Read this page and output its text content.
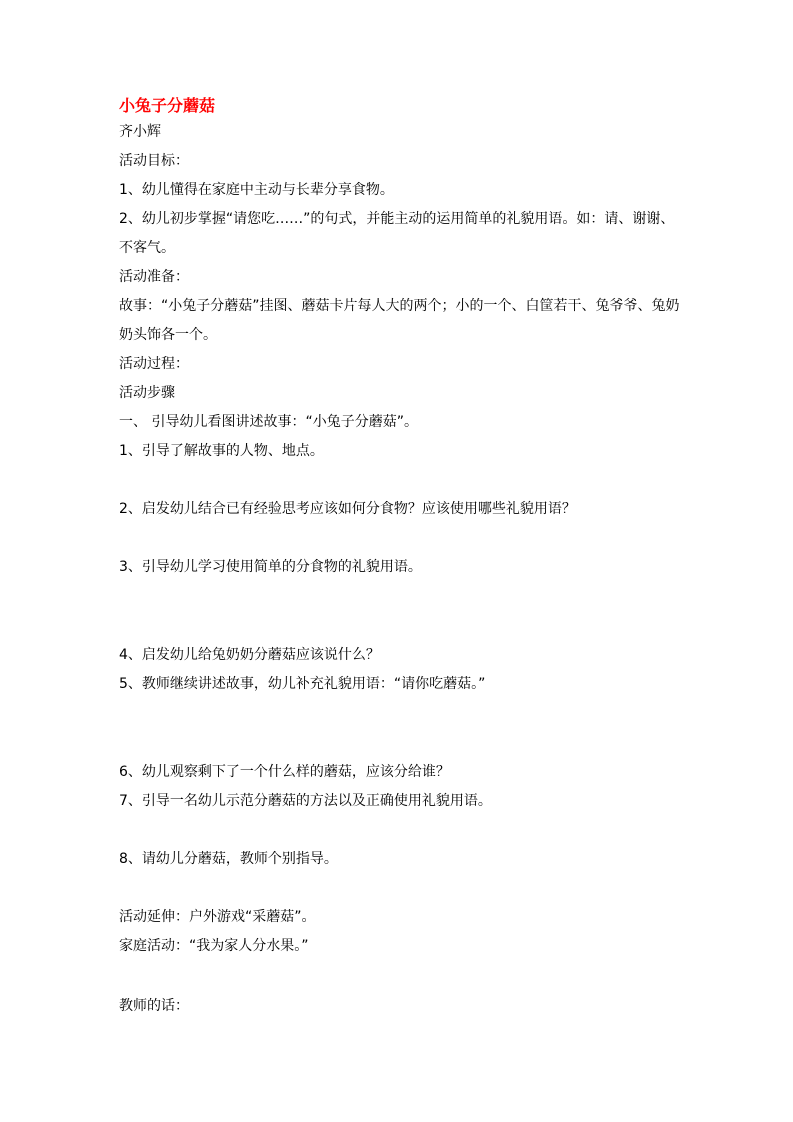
小兔子分蘑菇
齐小辉
活动目标：
1、幼儿懂得在家庭中主动与长辈分享食物。
2、幼儿初步掌握“请您吃……”的句式，并能主动的运用简单的礼貌用语。如：请、谢谢、
不客气。
活动准备：
故事：“小兔子分蘑菇”挂图、蘑菇卡片每人大的两个；小的一个、白筐若干、兔爷爷、兔奶
奶头饰各一个。
活动过程：
活动步骤
一、 引导幼儿看图讲述故事：“小兔子分蘑菇”。
1、引导了解故事的人物、地点。
2、启发幼儿结合已有经验思考应该如何分食物？应该使用哪些礼貌用语？
3、引导幼儿学习使用简单的分食物的礼貌用语。
4、启发幼儿给兔奶奶分蘑菇应该说什么？
5、教师继续讲述故事，幼儿补充礼貌用语：“请你吃蘑菇。”
6、幼儿观察剩下了一个什么样的蘑菇，应该分给谁？
7、引导一名幼儿示范分蘑菇的方法以及正确使用礼貌用语。
8、请幼儿分蘑菇，教师个别指导。
活动延伸：户外游戏“采蘑菇”。
家庭活动：“我为家人分水果。”
教师的话：
